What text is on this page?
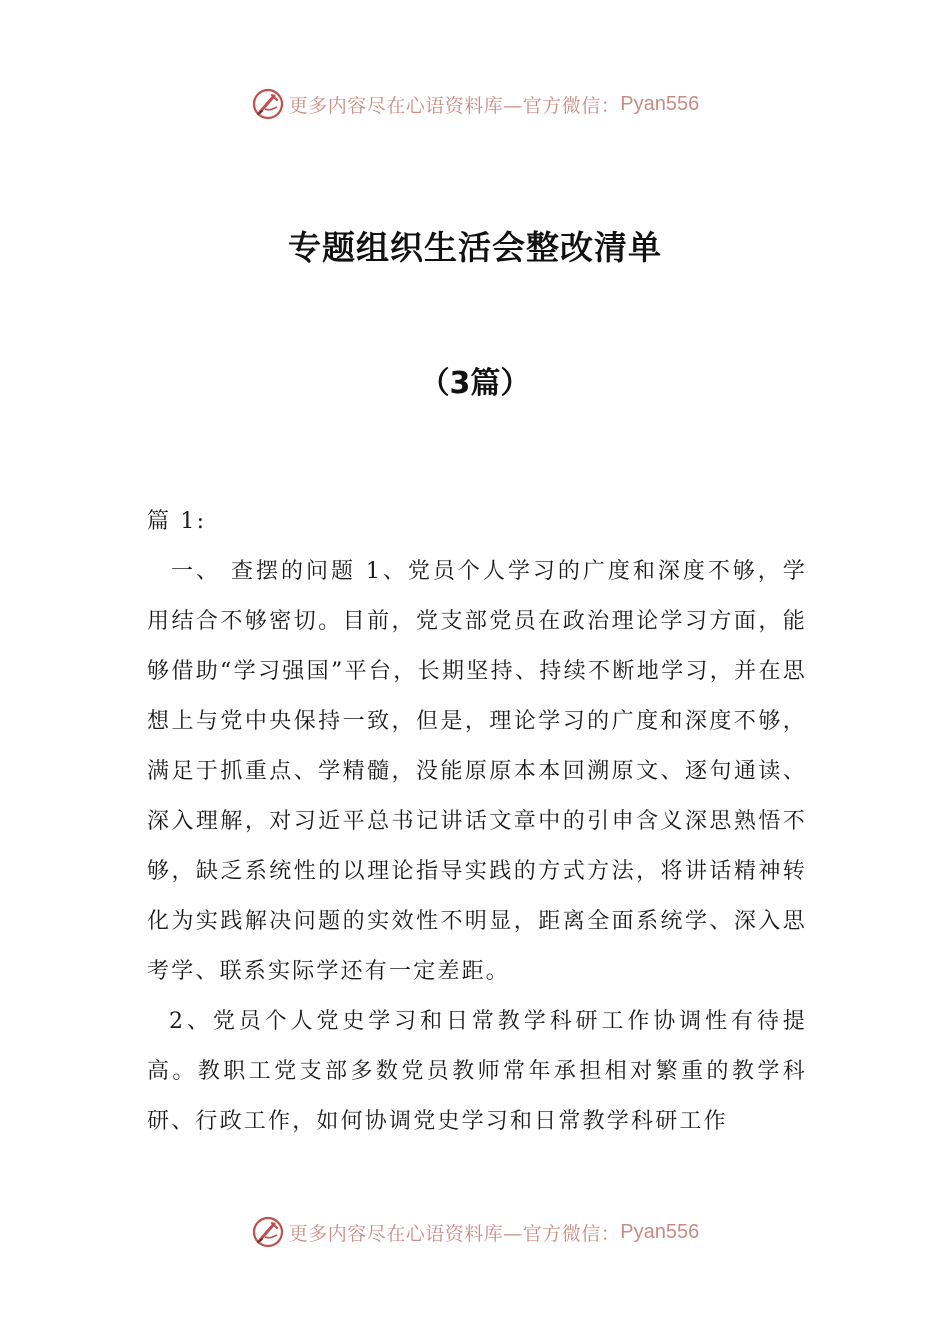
更多内容尽在心语资料库—官方微信： Pyan556
专题组织生活会整改清单
（3篇）

篇 1:

一、 查摆的问题 1、党员个人学习的广度和深度不够，学用结合不够密切。目前，党支部党员在政治理论学习方面，能够借助“学习强国”平台，长期坚持、持续不断地学习，并在思想上与党中央保持一致，但是，理论学习的广度和深度不够，满足于抓重点、学精髓，没能原原本本回溯原文、逐句通读、深入理解，对习近平总书记讲话文章中的引申含义深思熟悟不够，缺乏系统性的以理论指导实践的方式方法，将讲话精神转化为实践解决问题的实效性不明显，距离全面系统学、深入思考学、联系实际学还有一定差距。

2、党员个人党史学习和日常教学科研工作协调性有待提高。教职工党支部多数党员教师常年承担相对繁重的教学科研、行政工作，如何协调党史学习和日常教学科研工作

更多内容尽在心语资料库—官方微信： Pyan556
